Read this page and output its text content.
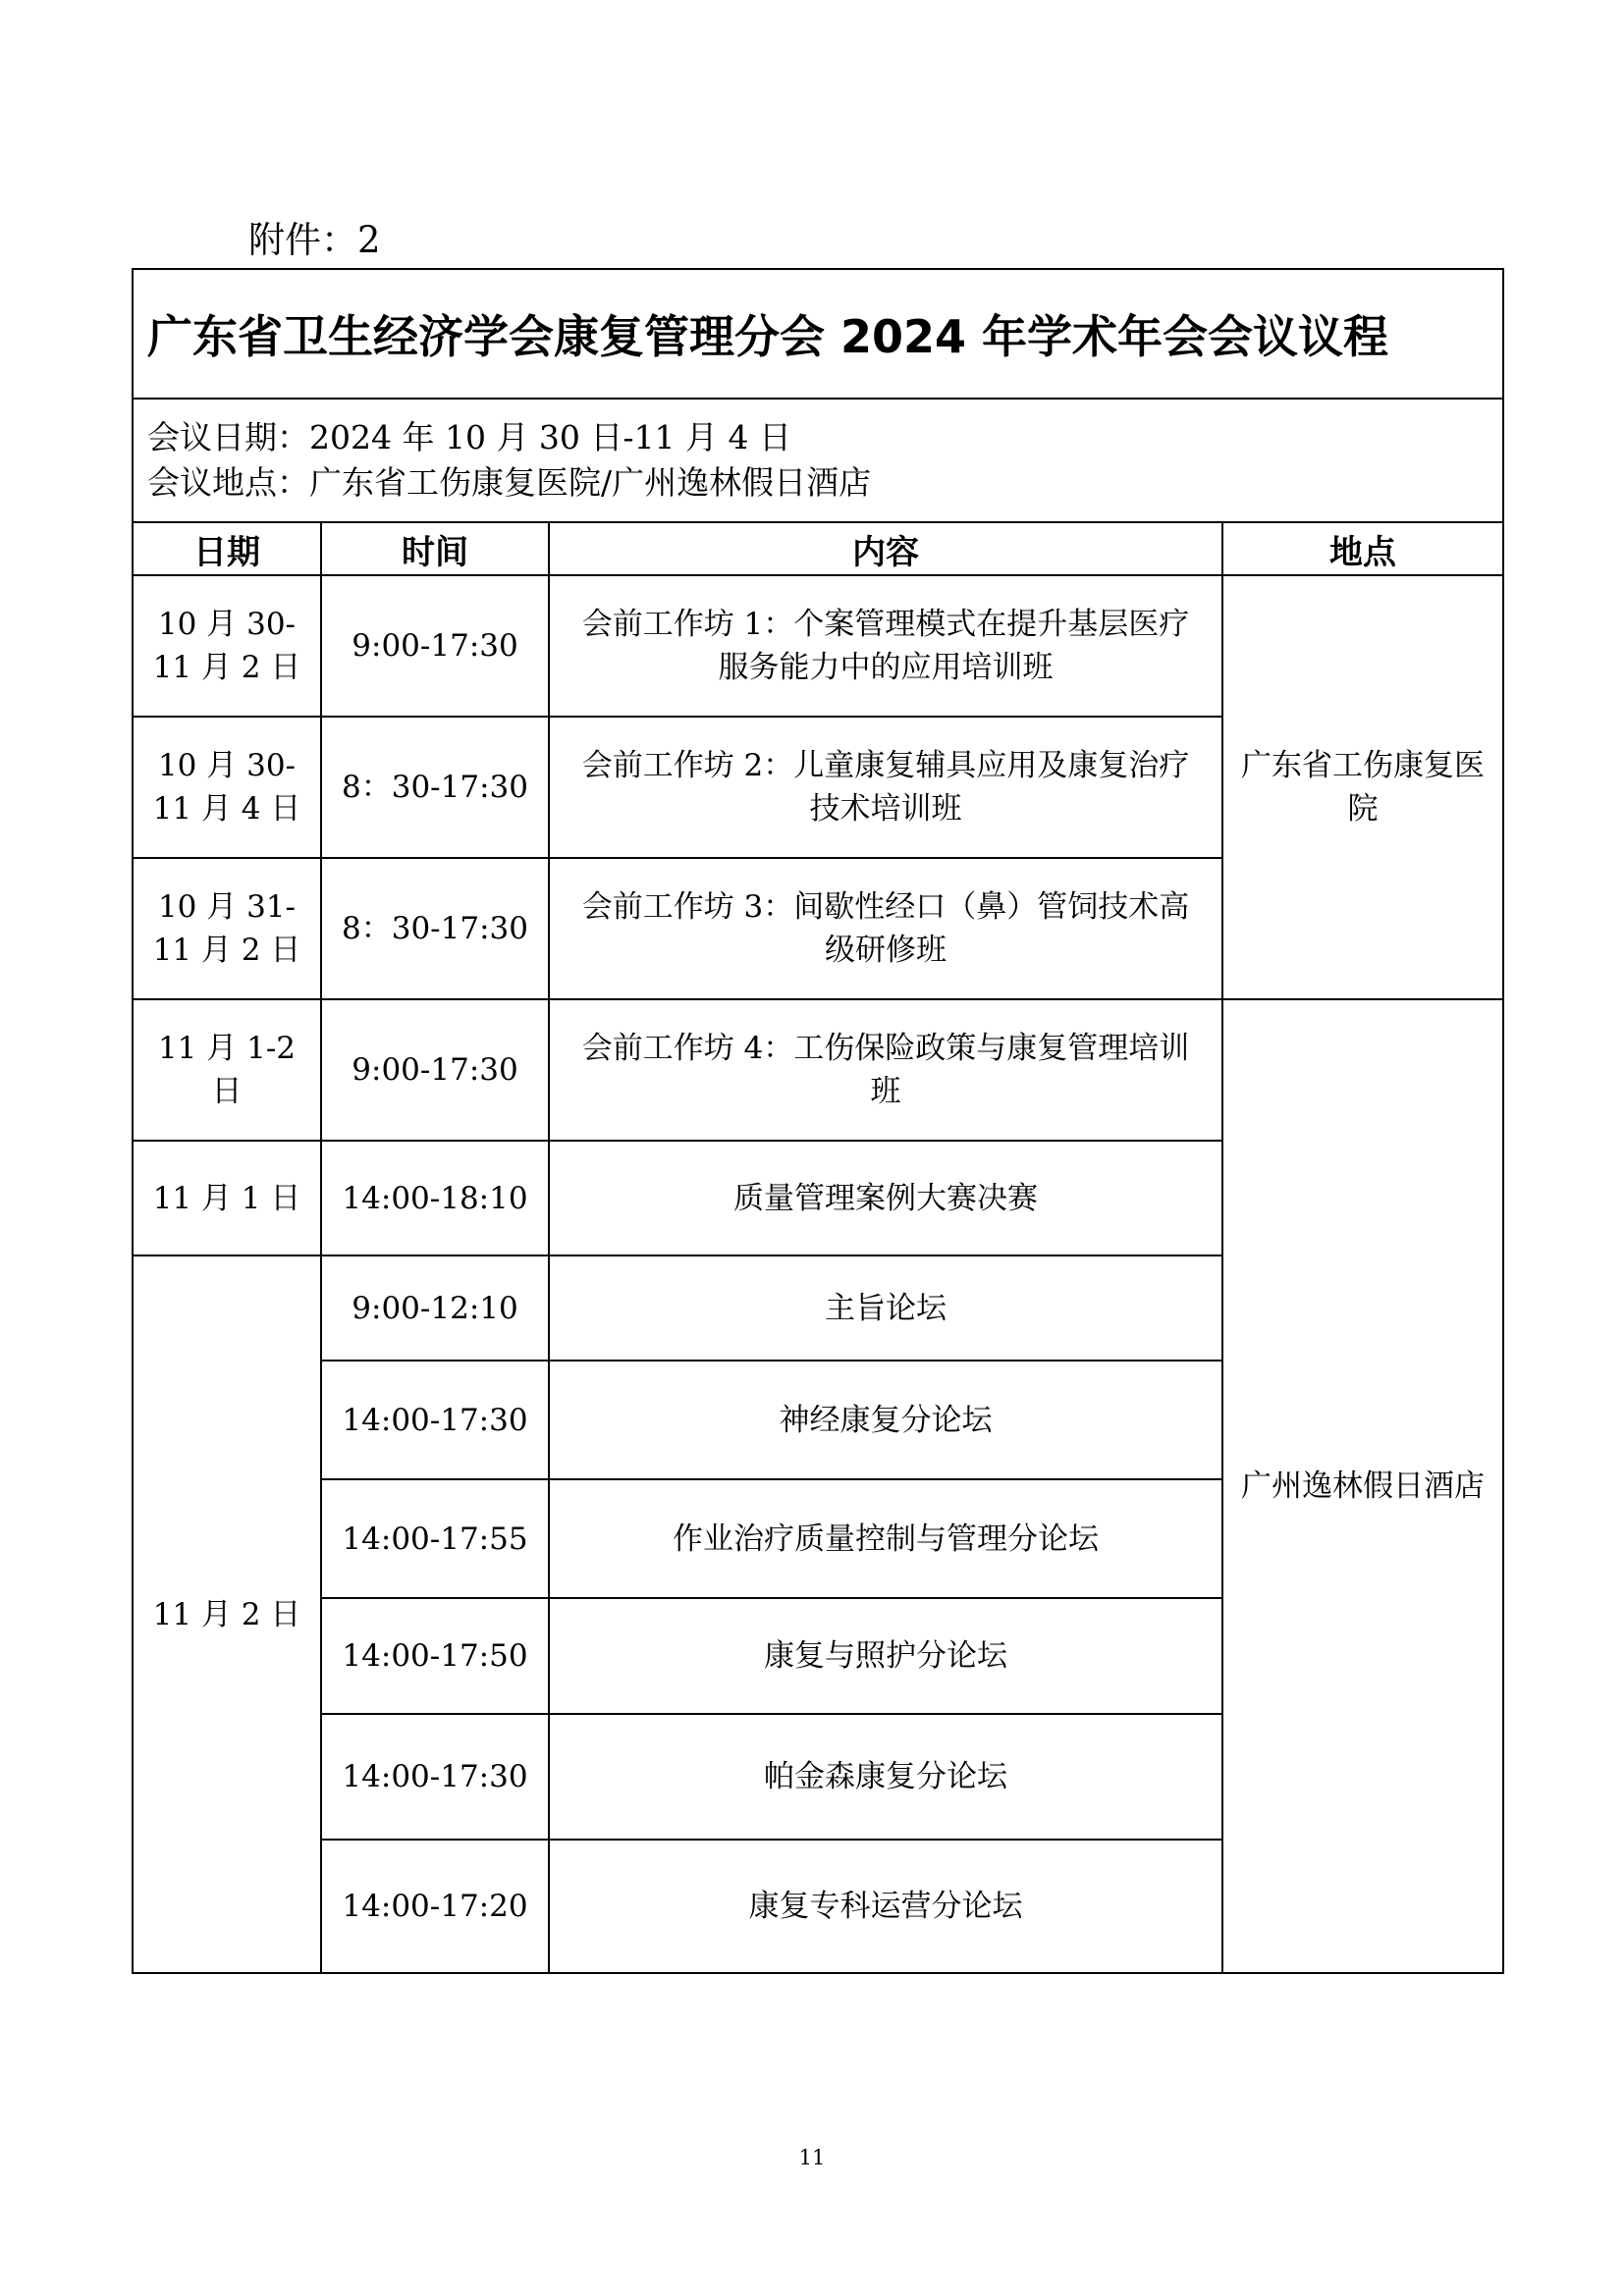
附件：2
广东省卫生经济学会康复管理分会 2024 年学术年会会议议程			

会议日期：2024 年 10 月 30 日-11 月 4 日
会议地点：广东省工伤康复医院/广州逸林假日酒店			

日期	时间	内容	地点
10 月 30-11 月 2 日	9:00-17:30	会前工作坊 1：个案管理模式在提升基层医疗服务能力中的应用培训班	广东省工伤康复医院
10 月 30-11 月 4 日	8：30-17:30	会前工作坊 2：儿童康复辅具应用及康复治疗技术培训班	
10 月 31-11 月 2 日	8：30-17:30	会前工作坊 3：间歇性经口（鼻）管饲技术高级研修班	
11 月 1-2 日	9:00-17:30	会前工作坊 4：工伤保险政策与康复管理培训班	广州逸林假日酒店
11 月 1 日	14:00-18:10	质量管理案例大赛决赛	
11 月 2 日	9:00-12:10	主旨论坛	
	14:00-17:30	神经康复分论坛	
	14:00-17:55	作业治疗质量控制与管理分论坛	
	14:00-17:50	康复与照护分论坛	
	14:00-17:30	帕金森康复分论坛	
	14:00-17:20	康复专科运营分论坛	
11
